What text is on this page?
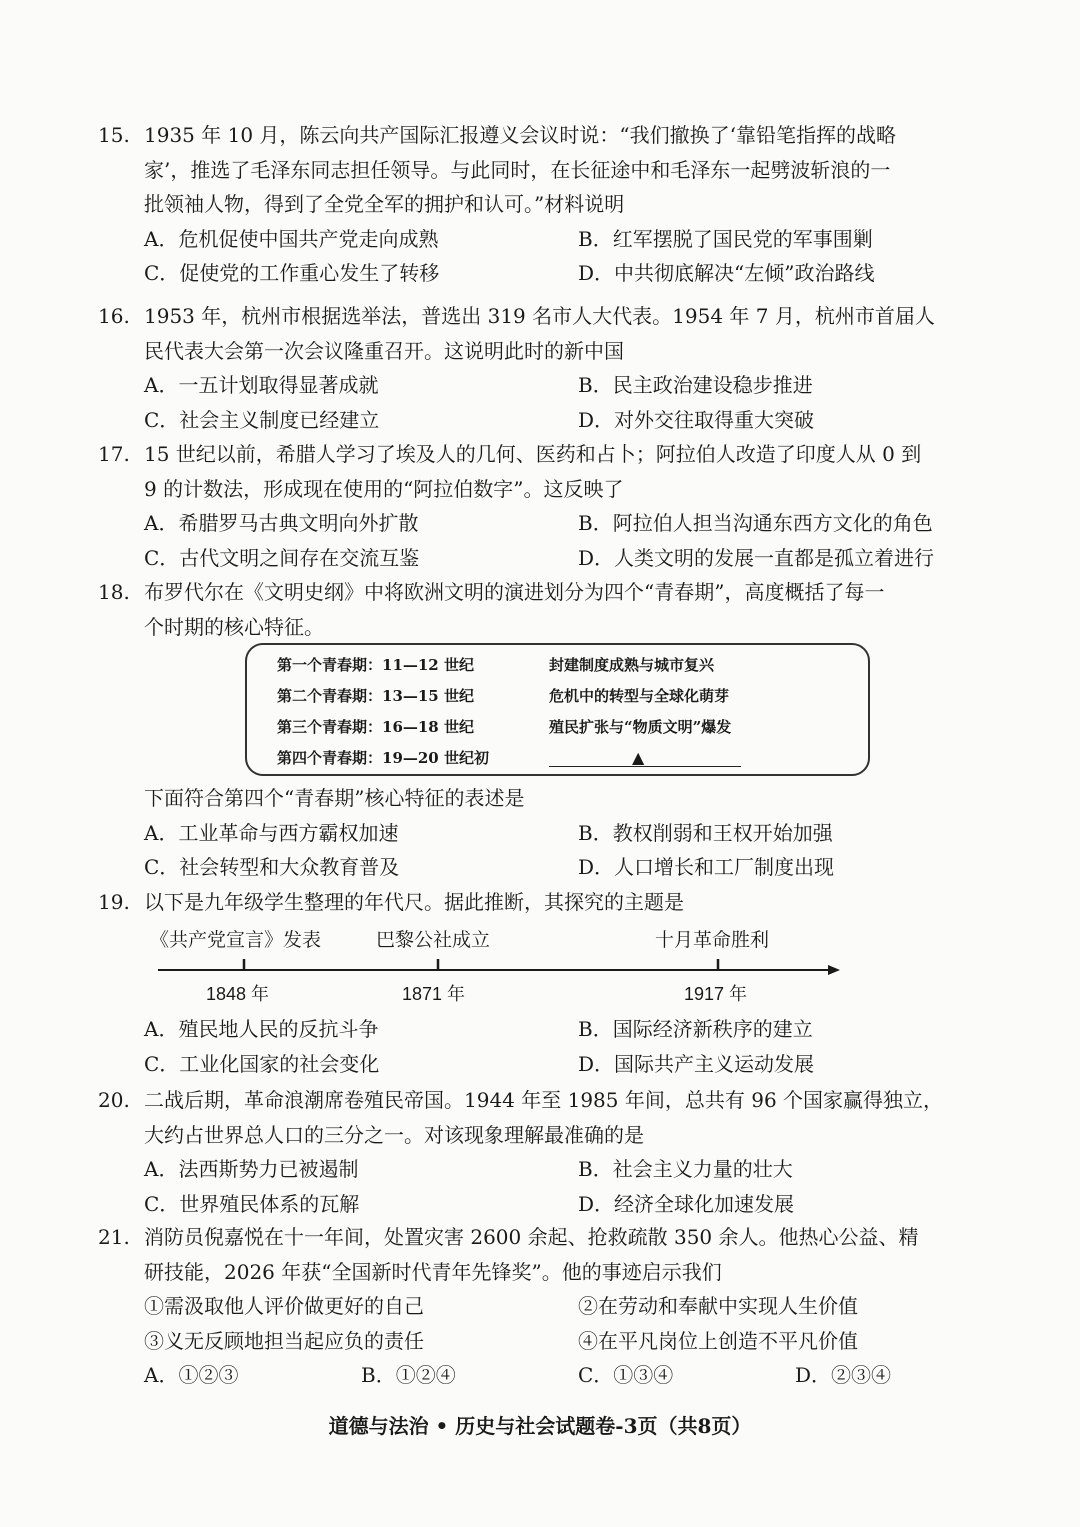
15. 1935 年 10 月，陈云向共产国际汇报遵义会议时说：“我们撤换了‘靠铅笔指挥的战略
家’，推选了毛泽东同志担任领导。与此同时，在长征途中和毛泽东一起劈波斩浪的一
批领袖人物，得到了全党全军的拥护和认可。”材料说明
A．危机促使中国共产党走向成熟	B．红军摆脱了国民党的军事围剿
C．促使党的工作重心发生了转移	D．中共彻底解决“左倾”政治路线
16. 1953 年，杭州市根据选举法，普选出 319 名市人大代表。1954 年 7 月，杭州市首届人
民代表大会第一次会议隆重召开。这说明此时的新中国
A．一五计划取得显著成就	B．民主政治建设稳步推进
C．社会主义制度已经建立	D．对外交往取得重大突破
17. 15 世纪以前，希腊人学习了埃及人的几何、医药和占卜；阿拉伯人改造了印度人从 0 到
9 的计数法，形成现在使用的“阿拉伯数字”。这反映了
A．希腊罗马古典文明向外扩散	B．阿拉伯人担当沟通东西方文化的角色
C．古代文明之间存在交流互鉴	D．人类文明的发展一直都是孤立着进行
18. 布罗代尔在《文明史纲》中将欧洲文明的演进划分为四个“青春期”，高度概括了每一
个时期的核心特征。
第一个青春期：11—12 世纪	封建制度成熟与城市复兴
第二个青春期：13—15 世纪	危机中的转型与全球化萌芽
第三个青春期：16—18 世纪	殖民扩张与“物质文明”爆发
第四个青春期：19—20 世纪初	▲
下面符合第四个“青春期”核心特征的表述是
A．工业革命与西方霸权加速	B．教权削弱和王权开始加强
C．社会转型和大众教育普及	D．人口增长和工厂制度出现
19. 以下是九年级学生整理的年代尺。据此推断，其探究的主题是
《共产党宣言》发表	巴黎公社成立	十月革命胜利
1848 年	1871 年	1917 年
A．殖民地人民的反抗斗争	B．国际经济新秩序的建立
C．工业化国家的社会变化	D．国际共产主义运动发展
20. 二战后期，革命浪潮席卷殖民帝国。1944 年至 1985 年间，总共有 96 个国家赢得独立，
大约占世界总人口的三分之一。对该现象理解最准确的是
A．法西斯势力已被遏制	B．社会主义力量的壮大
C．世界殖民体系的瓦解	D．经济全球化加速发展
21. 消防员倪嘉悦在十一年间，处置灾害 2600 余起、抢救疏散 350 余人。他热心公益、精
研技能，2026 年获“全国新时代青年先锋奖”。他的事迹启示我们
①需汲取他人评价做更好的自己	②在劳动和奉献中实现人生价值
③义无反顾地担当起应负的责任	④在平凡岗位上创造不平凡价值
A．①②③	B．①②④	C．①③④	D．②③④
道德与法治 • 历史与社会试题卷-3页（共8页）
